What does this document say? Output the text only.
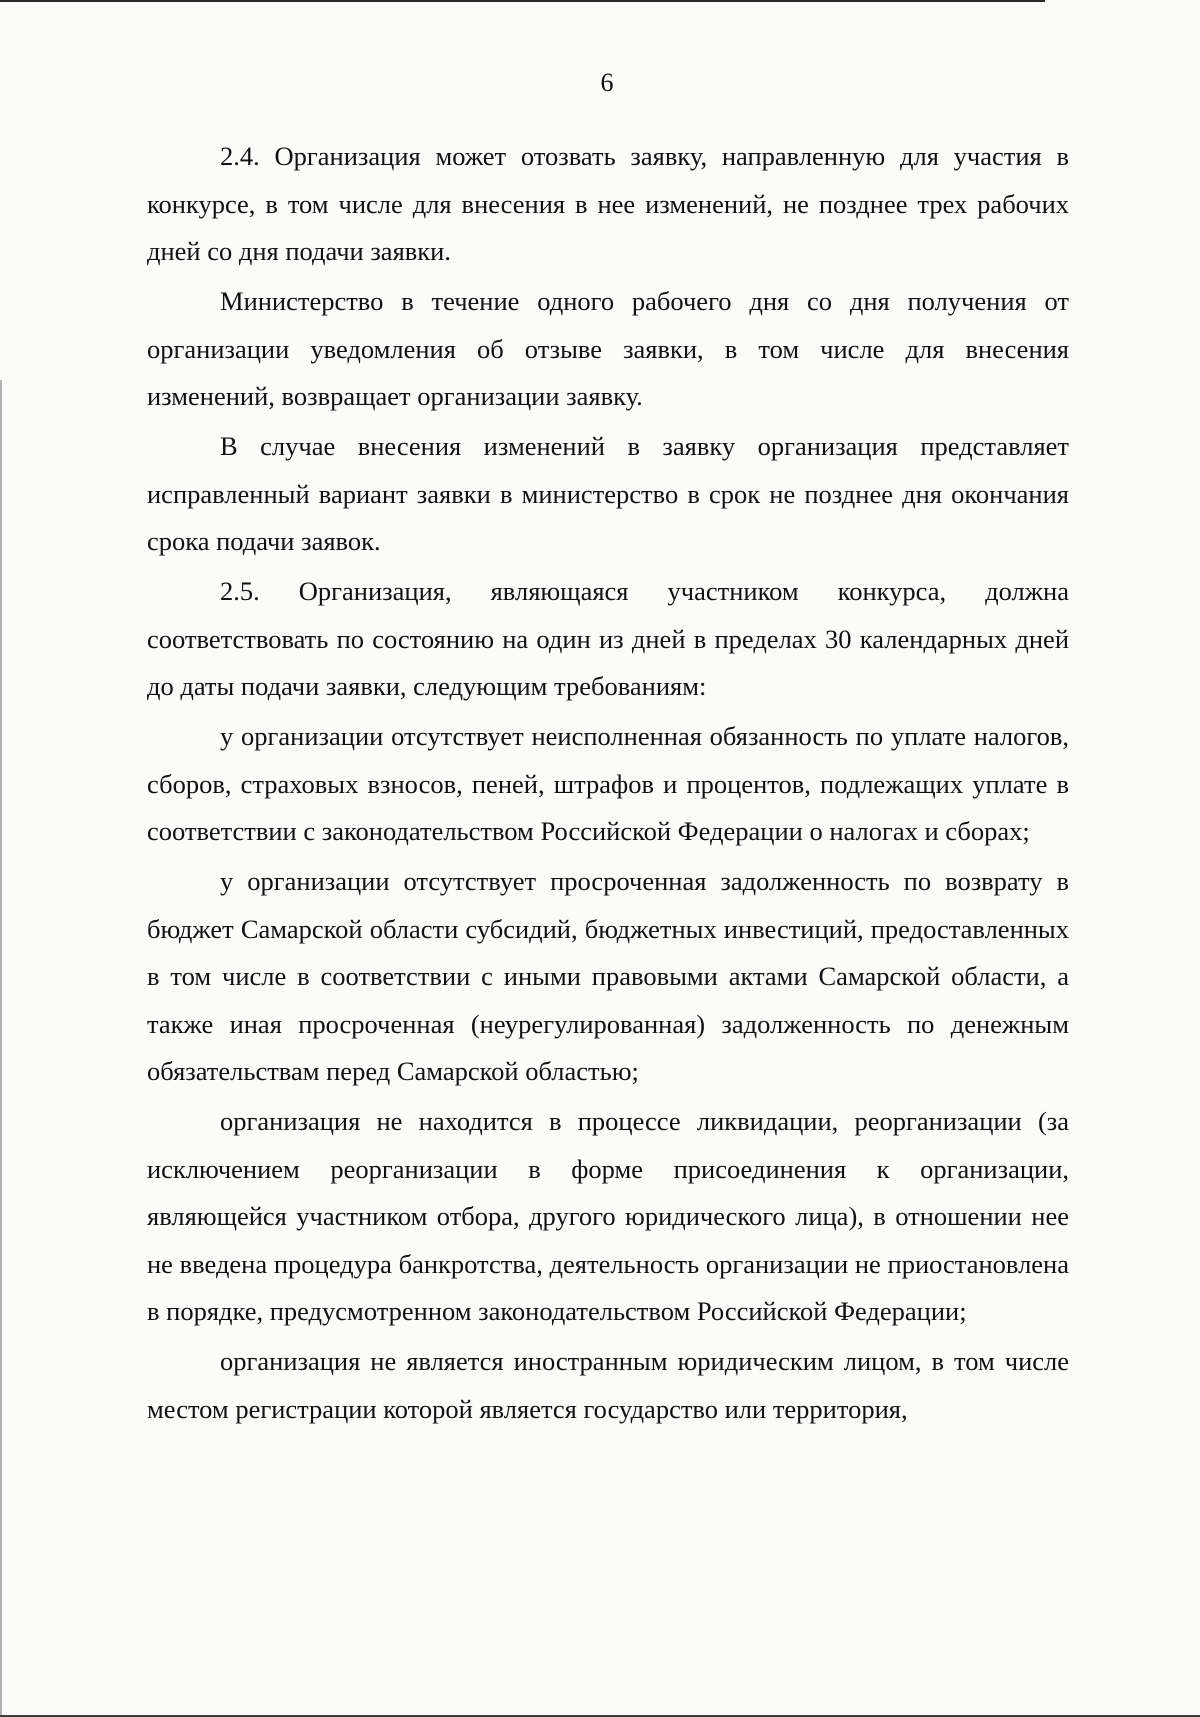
6

2.4. Организация может отозвать заявку, направленную для участия в конкурсе, в том числе для внесения в нее изменений, не позднее трех рабочих дней со дня подачи заявки.

Министерство в течение одного рабочего дня со дня получения от организации уведомления об отзыве заявки, в том числе для внесения изменений, возвращает организации заявку.

В случае внесения изменений в заявку организация представляет исправленный вариант заявки в министерство в срок не позднее дня окончания срока подачи заявок.

2.5. Организация, являющаяся участником конкурса, должна соответствовать по состоянию на один из дней в пределах 30 календарных дней до даты подачи заявки, следующим требованиям:

у организации отсутствует неисполненная обязанность по уплате налогов, сборов, страховых взносов, пеней, штрафов и процентов, подлежащих уплате в соответствии с законодательством Российской Федерации о налогах и сборах;

у организации отсутствует просроченная задолженность по возврату в бюджет Самарской области субсидий, бюджетных инвестиций, предоставленных в том числе в соответствии с иными правовыми актами Самарской области, а также иная просроченная (неурегулированная) задолженность по денежным обязательствам перед Самарской областью;

организация не находится в процессе ликвидации, реорганизации (за исключением реорганизации в форме присоединения к организации, являющейся участником отбора, другого юридического лица), в отношении нее не введена процедура банкротства, деятельность организации не приостановлена в порядке, предусмотренном законодательством Российской Федерации;

организация не является иностранным юридическим лицом, в том числе местом регистрации которой является государство или территория,
